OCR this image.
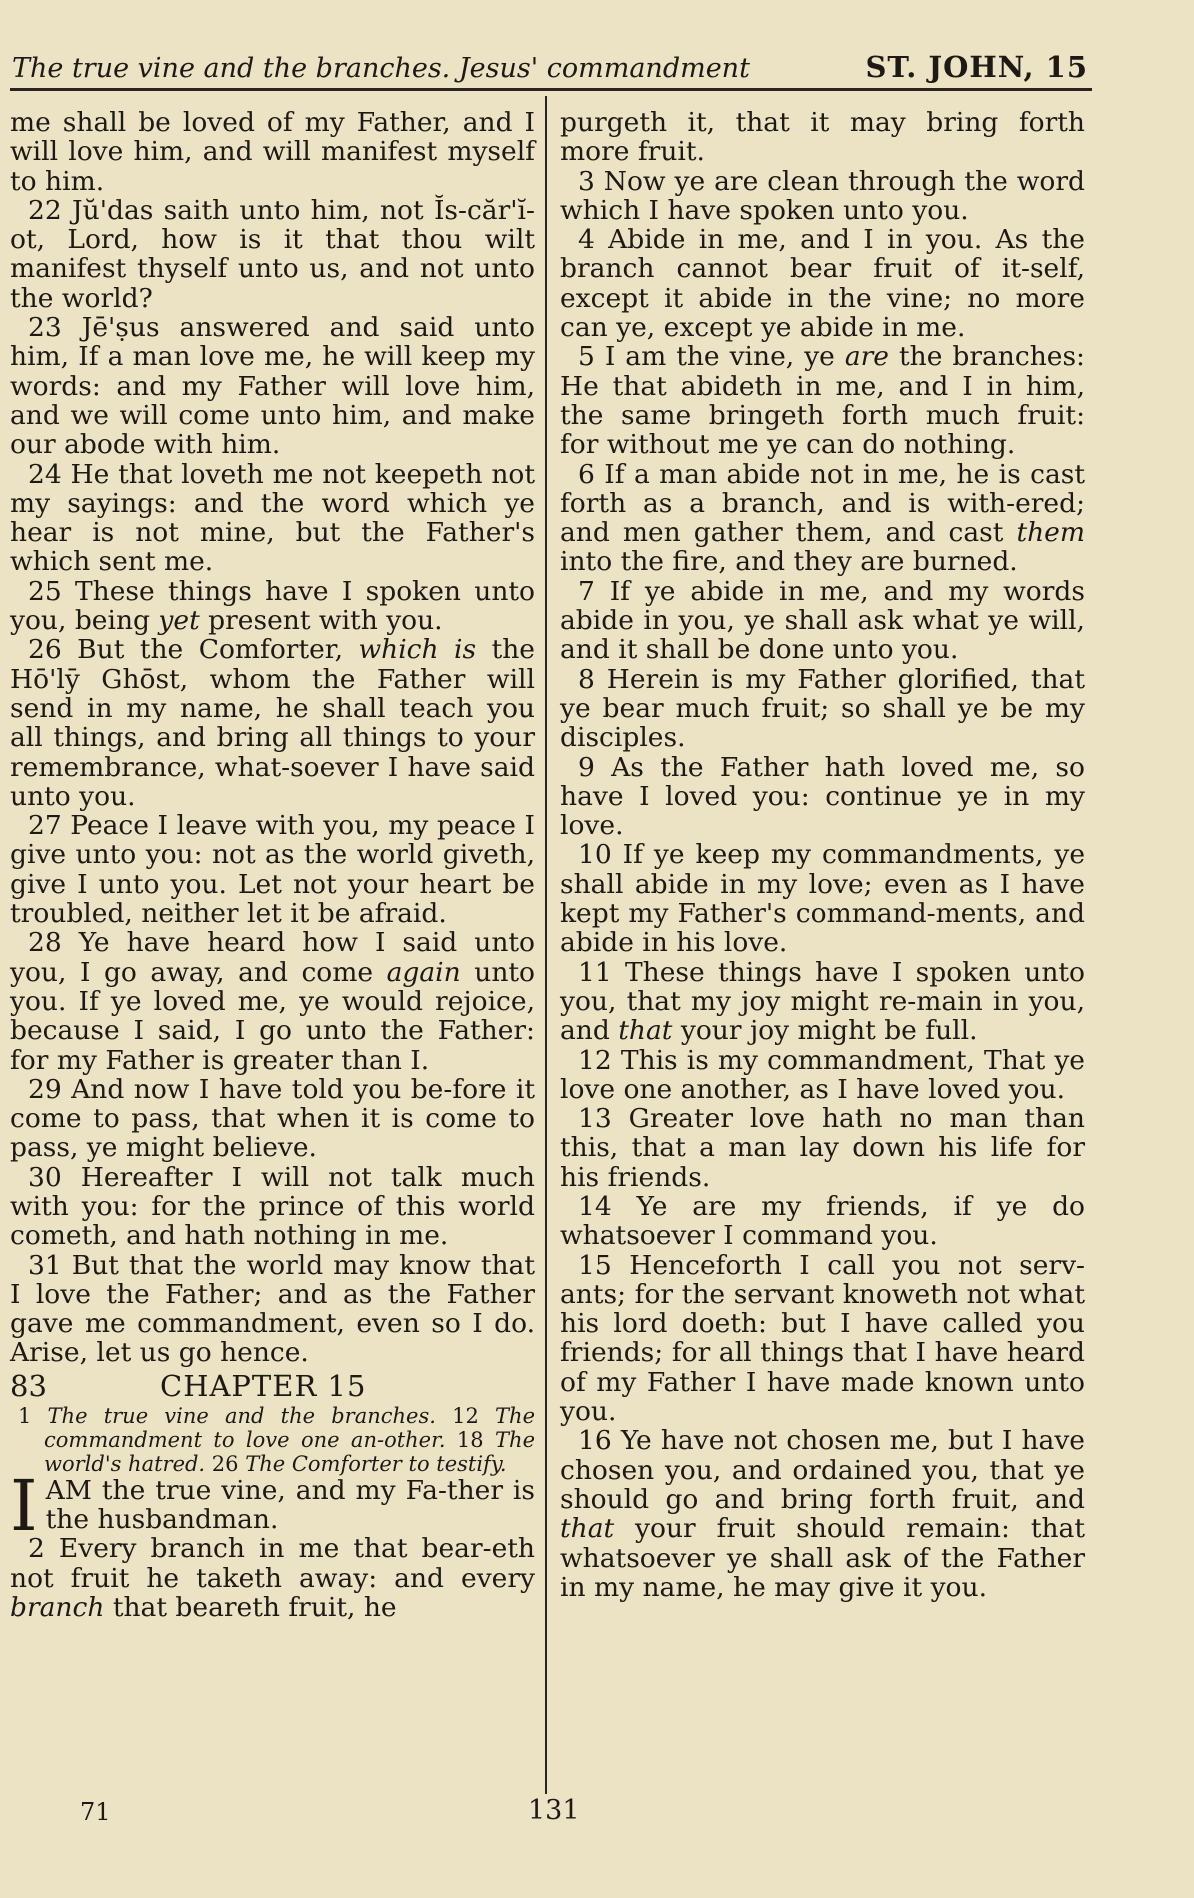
The true vine and the branches. Jesus' commandment	ST. JOHN, 15

me shall be loved of my Father, and I will love him, and will manifest myself to him.

22 Jŭ'das saith unto him, not Ĭs-căr'ĭ-ot, Lord, how is it that thou wilt manifest thyself unto us, and not unto the world?

23 Jē'ṣus answered and said unto him, If a man love me, he will keep my words: and my Father will love him, and we will come unto him, and make our abode with him.

24 He that loveth me not keepeth not my sayings: and the word which ye hear is not mine, but the Father's which sent me.

25 These things have I spoken unto you, being yet present with you.

26 But the Comforter, which is the Hō'lȳ Ghōst, whom the Father will send in my name, he shall teach you all things, and bring all things to your remembrance, what-soever I have said unto you.

27 Peace I leave with you, my peace I give unto you: not as the world giveth, give I unto you. Let not your heart be troubled, neither let it be afraid.

28 Ye have heard how I said unto you, I go away, and come again unto you. If ye loved me, ye would rejoice, because I said, I go unto the Father: for my Father is greater than I.

29 And now I have told you be-fore it come to pass, that when it is come to pass, ye might believe.

30 Hereafter I will not talk much with you: for the prince of this world cometh, and hath nothing in me.

31 But that the world may know that I love the Father; and as the Father gave me commandment, even so I do. Arise, let us go hence.

83	CHAPTER 15

1 The true vine and the branches. 12 The commandment to love one an-other. 18 The world's hatred. 26 The Comforter to testify.

IAM the true vine, and my Fa-ther is the husbandman.

2 Every branch in me that bear-eth not fruit he taketh away: and every branch that beareth fruit, he

purgeth it, that it may bring forth more fruit.

3 Now ye are clean through the word which I have spoken unto you.

4 Abide in me, and I in you. As the branch cannot bear fruit of it-self, except it abide in the vine; no more can ye, except ye abide in me.

5 I am the vine, ye are the branches: He that abideth in me, and I in him, the same bringeth forth much fruit: for without me ye can do nothing.

6 If a man abide not in me, he is cast forth as a branch, and is with-ered; and men gather them, and cast them into the fire, and they are burned.

7 If ye abide in me, and my words abide in you, ye shall ask what ye will, and it shall be done unto you.

8 Herein is my Father glorified, that ye bear much fruit; so shall ye be my disciples.

9 As the Father hath loved me, so have I loved you: continue ye in my love.

10 If ye keep my commandments, ye shall abide in my love; even as I have kept my Father's command-ments, and abide in his love.

11 These things have I spoken unto you, that my joy might re-main in you, and that your joy might be full.

12 This is my commandment, That ye love one another, as I have loved you.

13 Greater love hath no man than this, that a man lay down his life for his friends.

14 Ye are my friends, if ye do whatsoever I command you.

15 Henceforth I call you not serv-ants; for the servant knoweth not what his lord doeth: but I have called you friends; for all things that I have heard of my Father I have made known unto you.

16 Ye have not chosen me, but I have chosen you, and ordained you, that ye should go and bring forth fruit, and that your fruit should remain: that whatsoever ye shall ask of the Father in my name, he may give it you.

71	131
